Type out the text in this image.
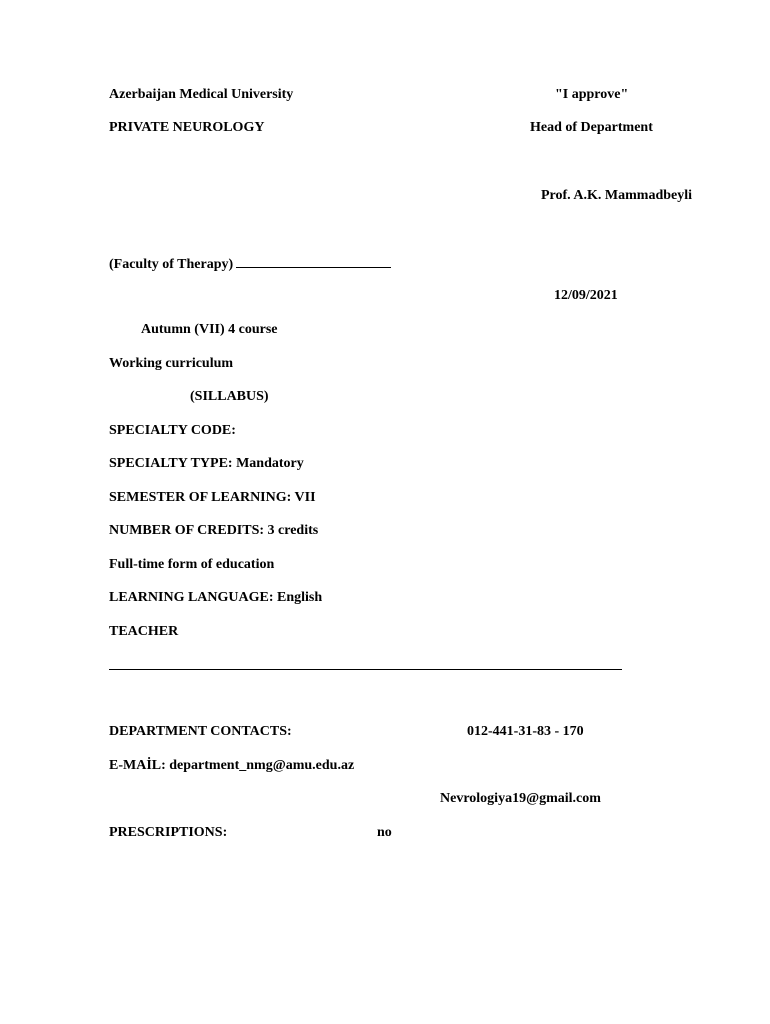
Azerbaijan Medical University	"I approve"
PRIVATE NEUROLOGY	Head of Department
Prof. A.K. Mammadbeyli
(Faculty of Therapy)
12/09/2021
Autumn (VII) 4 course
Working curriculum
(SILLABUS)
SPECIALTY CODE:
SPECIALTY TYPE: Mandatory
SEMESTER OF LEARNING: VII
NUMBER OF CREDITS: 3 credits
Full-time form of education
LEARNING LANGUAGE: English
TEACHER
DEPARTMENT CONTACTS:	012-441-31-83 - 170
E-MAİL: department_nmg@amu.edu.az
Nevrologiya19@gmail.com
PRESCRIPTIONS:	no
